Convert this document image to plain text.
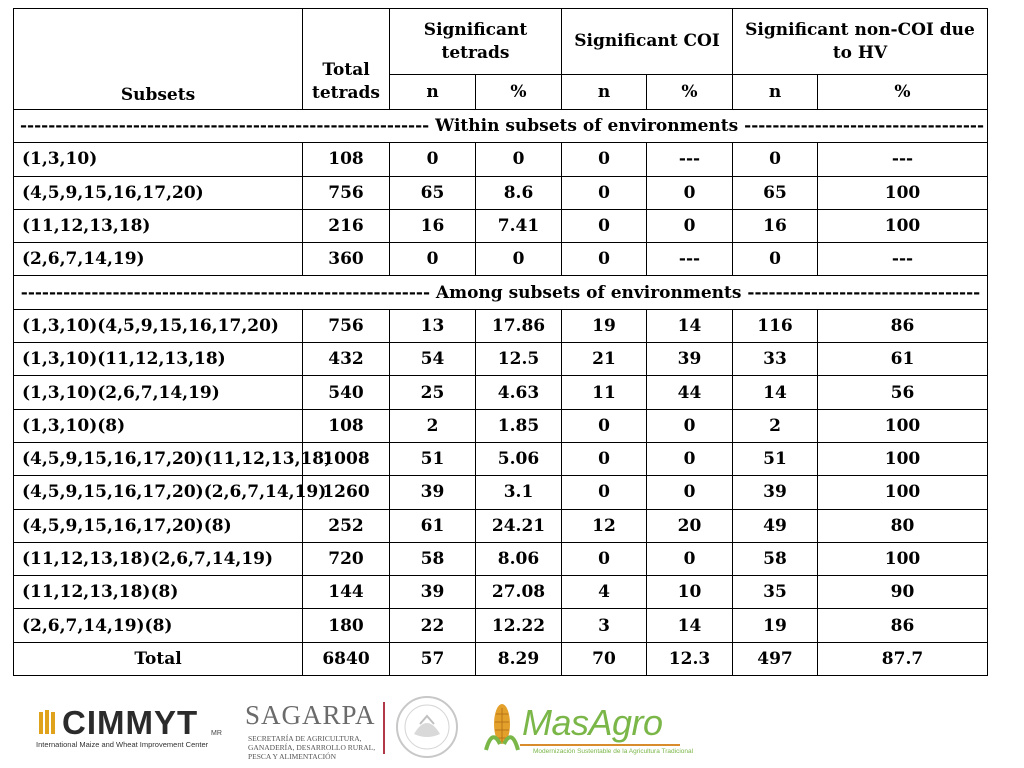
Subsets	Total tetrads	Significant tetrads		Significant COI		Significant non-COI due to HV	
		n	%	n	%	n	%
---------------------------------------------------------- Within subsets of environments ----------------------------------							
(1,3,10)	108	0	0	0	---	0	---
(4,5,9,15,16,17,20)	756	65	8.6	0	0	65	100
(11,12,13,18)	216	16	7.41	0	0	16	100
(2,6,7,14,19)	360	0	0	0	---	0	---
---------------------------------------------------------- Among subsets of environments ---------------------------------							
(1,3,10)(4,5,9,15,16,17,20)	756	13	17.86	19	14	116	86
(1,3,10)(11,12,13,18)	432	54	12.5	21	39	33	61
(1,3,10)(2,6,7,14,19)	540	25	4.63	11	44	14	56
(1,3,10)(8)	108	2	1.85	0	0	2	100
(4,5,9,15,16,17,20)(11,12,13,18)	1008	51	5.06	0	0	51	100
(4,5,9,15,16,17,20)(2,6,7,14,19)	1260	39	3.1	0	0	39	100
(4,5,9,15,16,17,20)(8)	252	61	24.21	12	20	49	80
(11,12,13,18)(2,6,7,14,19)	720	58	8.06	0	0	58	100
(11,12,13,18)(8)	144	39	27.08	4	10	35	90
(2,6,7,14,19)(8)	180	22	12.22	3	14	19	86
Total	6840	57	8.29	70	12.3	497	87.7
CIMMYT MR
International Maize and Wheat Improvement Center
SAGARPA
SECRETARÍA DE AGRICULTURA, GANADERÍA, DESARROLLO RURAL, PESCA Y ALIMENTACIÓN
MasAgro
Modernización Sustentable de la Agricultura Tradicional
